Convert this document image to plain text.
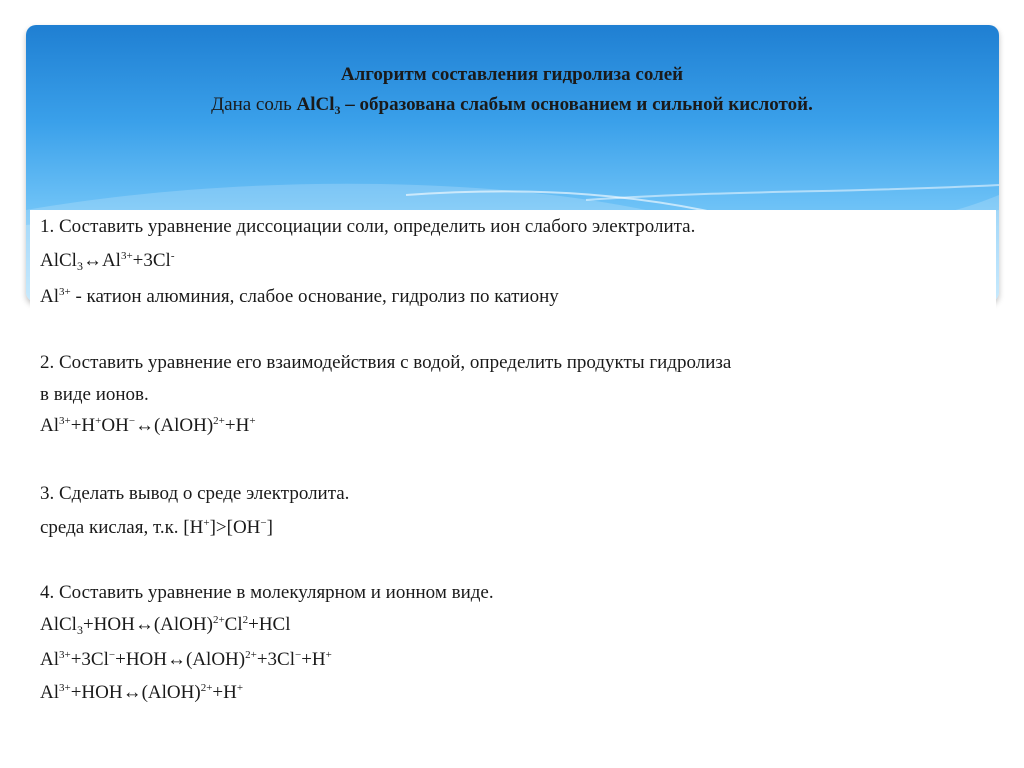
Алгоритм составления гидролиза солей
Дана соль AlCl$_3$ – образована слабым основанием и сильной кислотой.
1. Составить уравнение диссоциации соли, определить ион слабого электролита.
$AlCl_3\leftrightarrow Al^{3+}+3Cl^-$
$Al^{3+}$ - катион алюминия, слабое основание, гидролиз по катиону
2. Составить уравнение его взаимодействия с водой, определить продукты гидролиза
в виде ионов.
$Al^{3+}+H^+OH^-\leftrightarrow(AlOH)^{2+}+H^+$
3. Сделать вывод о среде электролита.
среда кислая, т.к. [H+]>[OH−]
4. Составить уравнение в молекулярном и ионном виде.
$AlCl_3+HOH\leftrightarrow(AlOH)^{2+}Cl^2+HCl$
$Al^{3+}+3Cl^-+HOH\leftrightarrow(AlOH)^{2+}+3Cl^-+H^+$
$Al^{3+}+HOH\leftrightarrow(AlOH)^{2+}+H^+$
